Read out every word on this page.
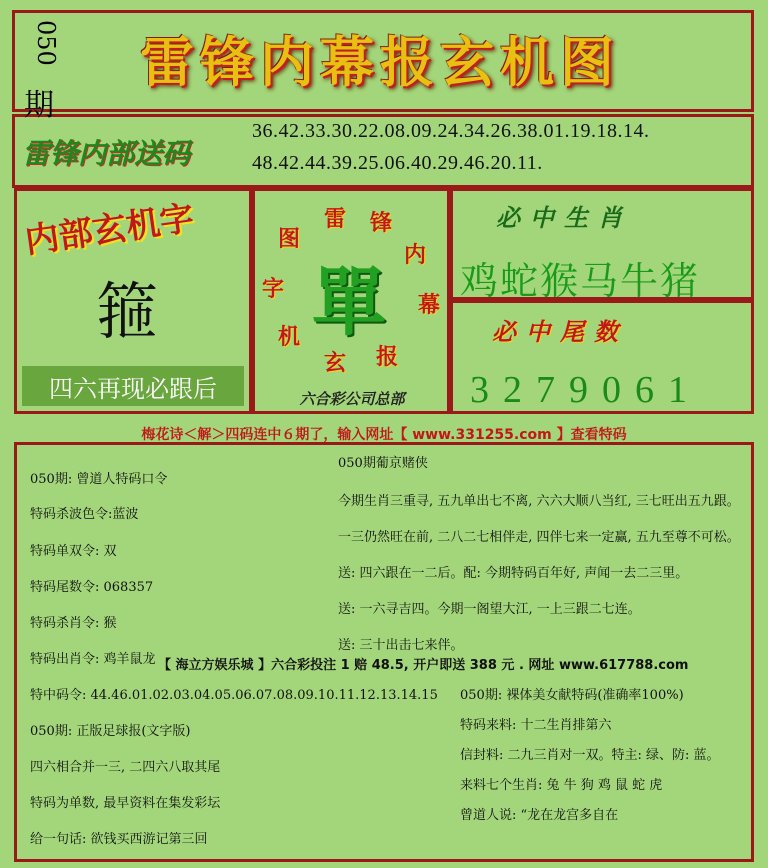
050
期
雷锋内幕报玄机图
雷锋内部送码
36.42.33.30.22.08.09.24.34.26.38.01.19.18.14.
48.42.44.39.25.06.40.29.46.20.11.
内部玄机字
箍
四六再现必跟后
雷 锋
内
幕
报
玄
机
字
图
單
六合彩公司总部
必中生肖
鸡蛇猴马牛猪
必中尾数
3279061
梅花诗＜解＞四码连中６期了，输入网址【 www.331255.com 】查看特码
050期: 曾道人特码口令
特码杀波色令:蓝波
特码单双令: 双
特码尾数令: 068357
特码杀肖令: 猴
特码出肖令: 鸡羊鼠龙
特中码令: 44.46.01.02.03.04.05.06.07.08.09.10.11.12.13.14.15
050期: 正版足球报(文字版)
四六相合并一三, 二四六八取其尾
特码为单数, 最早资料在集发彩坛
给一句话: 欲钱买西游记第三回
050期葡京赌侠
今期生肖三重寻, 五九单出七不离, 六六大顺八当红, 三七旺出五九跟。
一三仍然旺在前, 二八二七相伴走, 四伴七来一定赢, 五九至尊不可松。
送: 四六跟在一二后。配: 今期特码百年好, 声闻一去二三里。
送: 一六寻吉四。今期一阁望大江, 一上三跟二七连。
送: 三十出击七来伴。
【 海立方娱乐城 】六合彩投注 1 赔 48.5, 开户即送 388 元 . 网址 www.617788.com
050期: 裸体美女献特码(准确率100%)
特码来料: 十二生肖排第六
信封料: 二九三肖对一双。特主: 绿、防: 蓝。
来料七个生肖: 兔 牛 狗 鸡 鼠 蛇 虎
曾道人说: “龙在龙宫多自在
